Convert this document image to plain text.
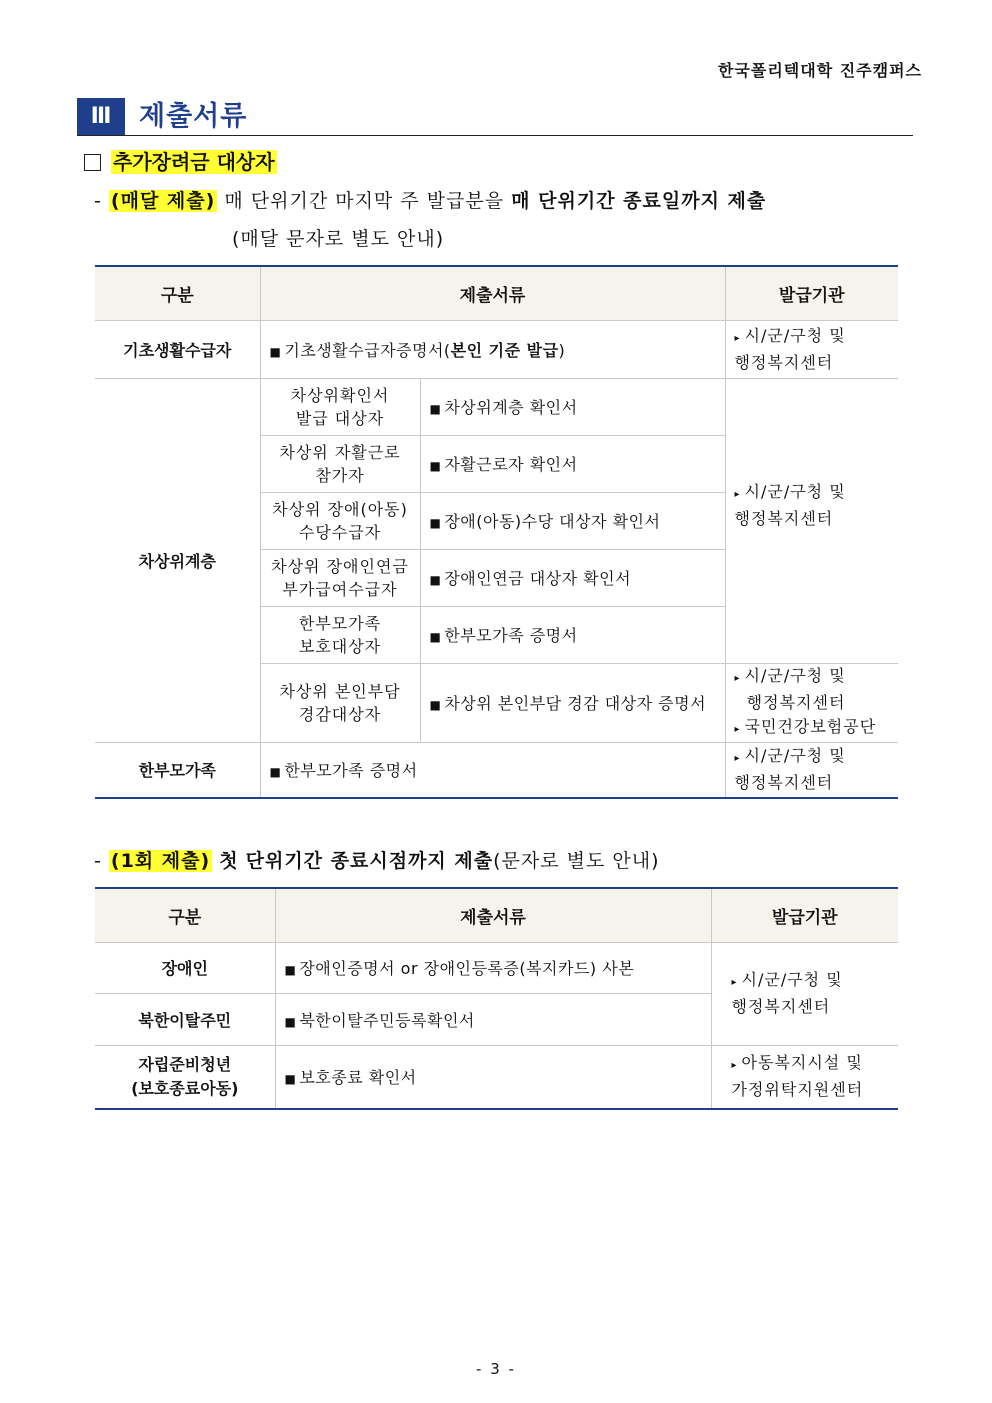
한국폴리텍대학 진주캠퍼스
Ⅲ	제출서류
추가장려금 대상자
- (매달 제출) 매 단위기간 마지막 주 발급분을 매 단위기간 종료일까지 제출
(매달 문자로 별도 안내)
구분	제출서류		발급기관
기초생활수급자	■ 기초생활수급자증명서(본인 기준 발급)		▸ 시/군/구청 및
행정복지센터
차상위계층	차상위확인서
발급 대상자	■ 차상위계층 확인서	▸ 시/군/구청 및
행정복지센터
	차상위 자활근로
참가자	■ 자활근로자 확인서	
	차상위 장애(아동)
수당수급자	■ 장애(아동)수당 대상자 확인서	
	차상위 장애인연금
부가급여수급자	■ 장애인연금 대상자 확인서	
	한부모가족
보호대상자	■ 한부모가족 증명서	
	차상위 본인부담
경감대상자	■ 차상위 본인부담 경감 대상자 증명서	▸ 시/군/구청 및
행정복지센터
▸ 국민건강보험공단
한부모가족	■ 한부모가족 증명서		▸ 시/군/구청 및
행정복지센터
- (1회 제출) 첫 단위기간 종료시점까지 제출(문자로 별도 안내)
구분	제출서류	발급기관
장애인	■ 장애인증명서 or 장애인등록증(복지카드) 사본	▸ 시/군/구청 및
행정복지센터
북한이탈주민	■ 북한이탈주민등록확인서	
자립준비청년
(보호종료아동)	■ 보호종료 확인서	▸ 아동복지시설 및
가정위탁지원센터
- 3 -
